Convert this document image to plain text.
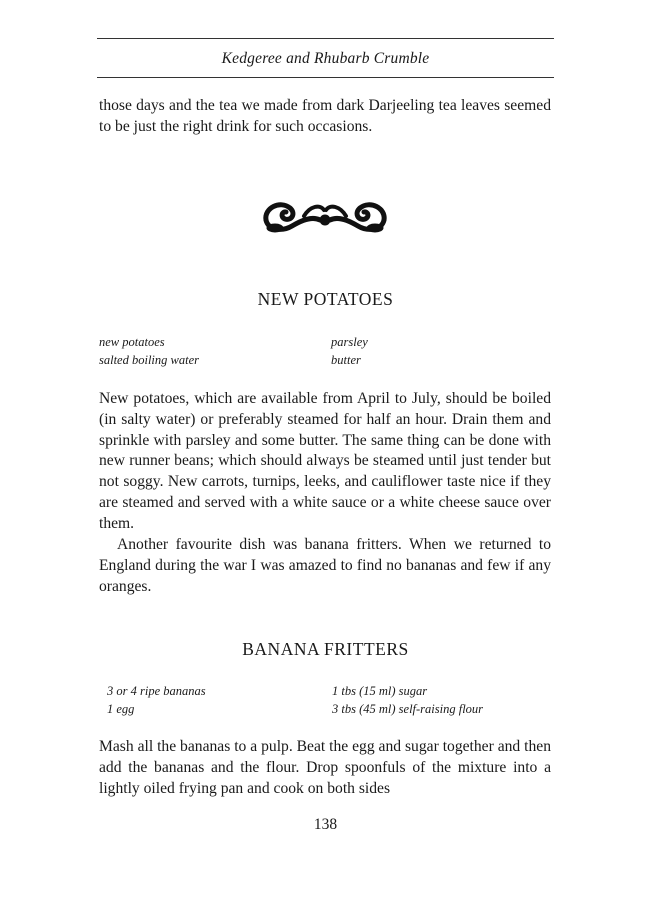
Kedgeree and Rhubarb Crumble

those days and the tea we made from dark Darjeeling tea leaves seemed to be just the right drink for such occasions.

NEW POTATOES
new potatoes
salted boiling water
parsley
butter

New potatoes, which are available from April to July, should be boiled (in salty water) or preferably steamed for half an hour. Drain them and sprinkle with parsley and some butter. The same thing can be done with new runner beans; which should always be steamed until just tender but not soggy. New carrots, turnips, leeks, and cauliflower taste nice if they are steamed and served with a white sauce or a white cheese sauce over them.

Another favourite dish was banana fritters. When we returned to England during the war I was amazed to find no bananas and few if any oranges.

BANANA FRITTERS
3 or 4 ripe bananas
1 egg
1 tbs (15 ml) sugar
3 tbs (45 ml) self-raising flour

Mash all the bananas to a pulp. Beat the egg and sugar together and then add the bananas and the flour. Drop spoonfuls of the mixture into a lightly oiled frying pan and cook on both sides

138
